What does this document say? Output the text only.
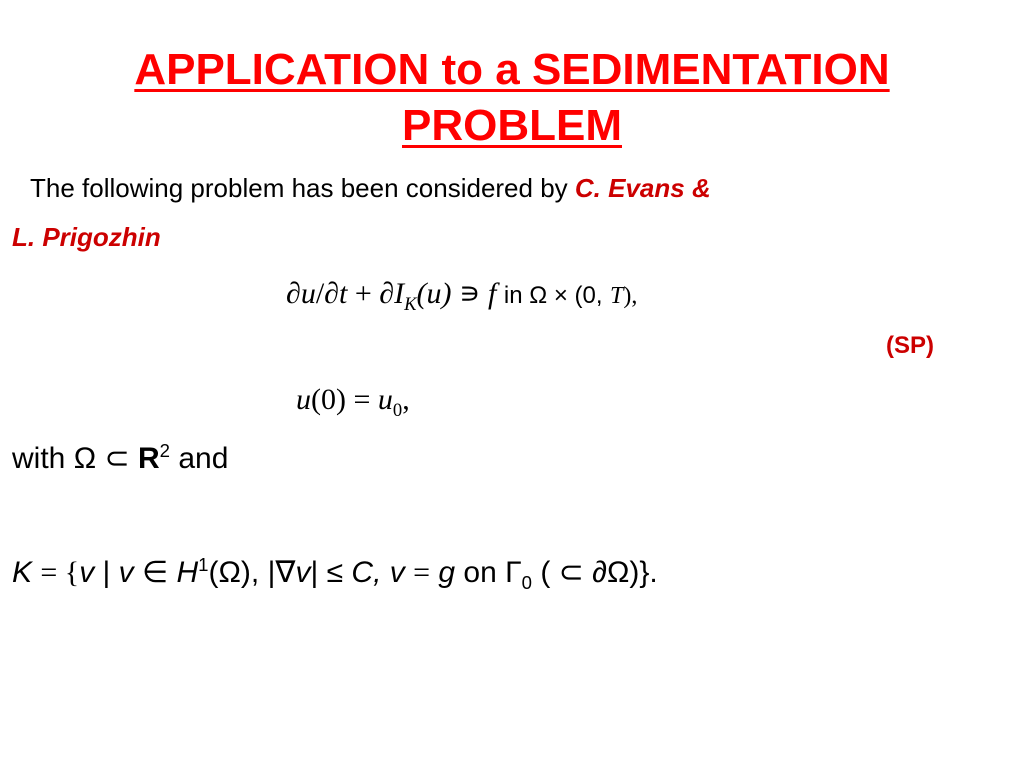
APPLICATION to a SEDIMENTATION
PROBLEM
The following problem has been considered by C. Evans &
L. Prigozhin
$\partial u/\partial t + \partial I_K(u)$ ∍ f in Ω × (0, T),
(SP)
$u(0) = u_0$,
with Ω ⊂ $R^2$ and
K = {v | v ∈ $H^1(\Omega)$, |∇v| ≤ C, v = g on $\Gamma_0$ ( ⊂ ∂Ω)}.
